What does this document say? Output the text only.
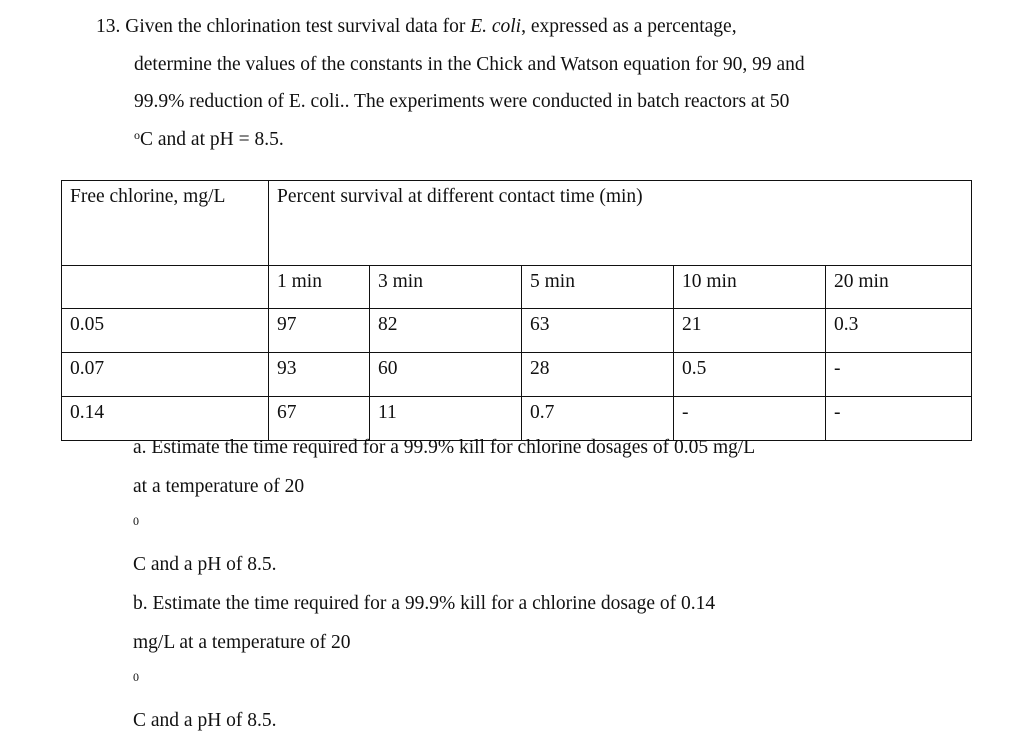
13. Given the chlorination test survival data for E. coli, expressed as a percentage,
determine the values of the constants in the Chick and Watson equation for 90, 99 and
99.9% reduction of E. coli.. The experiments were conducted in batch reactors at 50
$^o$C and at pH = 8.5.
Free chlorine, mg/L	Percent survival at different contact time (min)				
	1 min	3 min	5 min	10 min	20 min
0.05	97	82	63	21	0.3
0.07	93	60	28	0.5	-
0.14	67	11	0.7	-	-
a. Estimate the time required for a 99.9% kill for chlorine dosages of 0.05 mg/L
at a temperature of 20
$^0$
C and a pH of 8.5.
b. Estimate the time required for a 99.9% kill for a chlorine dosage of 0.14
mg/L at a temperature of 20
$^0$
C and a pH of 8.5.
